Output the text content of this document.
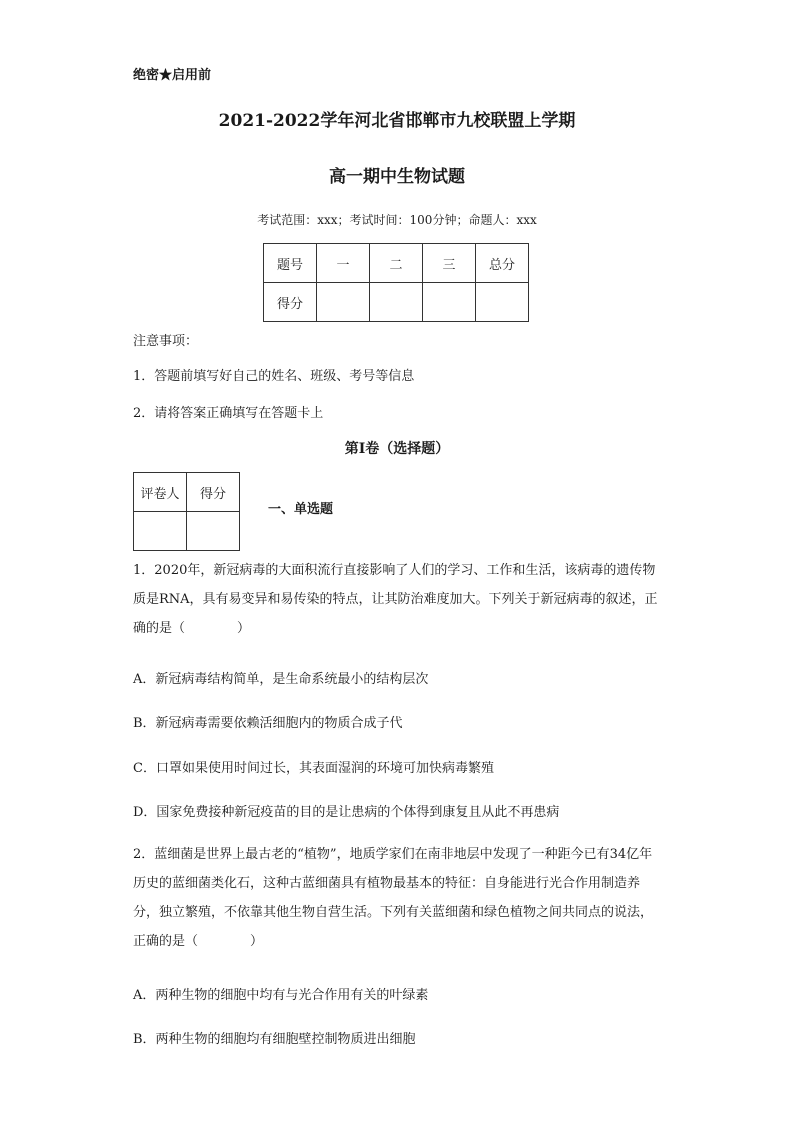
绝密★启用前
2021-2022学年河北省邯郸市九校联盟上学期
高一期中生物试题
考试范围：xxx；考试时间：100分钟；命题人：xxx
题号	一	二	三	总分
得分				
注意事项：
1．答题前填写好自己的姓名、班级、考号等信息
2．请将答案正确填写在答题卡上
第I卷（选择题）
评卷人	得分

一、单选题
1．2020年，新冠病毒的大面积流行直接影响了人们的学习、工作和生活，该病毒的遗传物质是RNA，具有易变异和易传染的特点，让其防治难度加大。下列关于新冠病毒的叙述，正确的是（　　　　）
A．新冠病毒结构简单，是生命系统最小的结构层次
B．新冠病毒需要依赖活细胞内的物质合成子代
C．口罩如果使用时间过长，其表面湿润的环境可加快病毒繁殖
D．国家免费接种新冠疫苗的目的是让患病的个体得到康复且从此不再患病
2．蓝细菌是世界上最古老的“植物”，地质学家们在南非地层中发现了一种距今已有34亿年历史的蓝细菌类化石，这种古蓝细菌具有植物最基本的特征：自身能进行光合作用制造养分，独立繁殖，不依靠其他生物自营生活。下列有关蓝细菌和绿色植物之间共同点的说法，正确的是（　　　　）
A．两种生物的细胞中均有与光合作用有关的叶绿素
B．两种生物的细胞均有细胞壁控制物质进出细胞
